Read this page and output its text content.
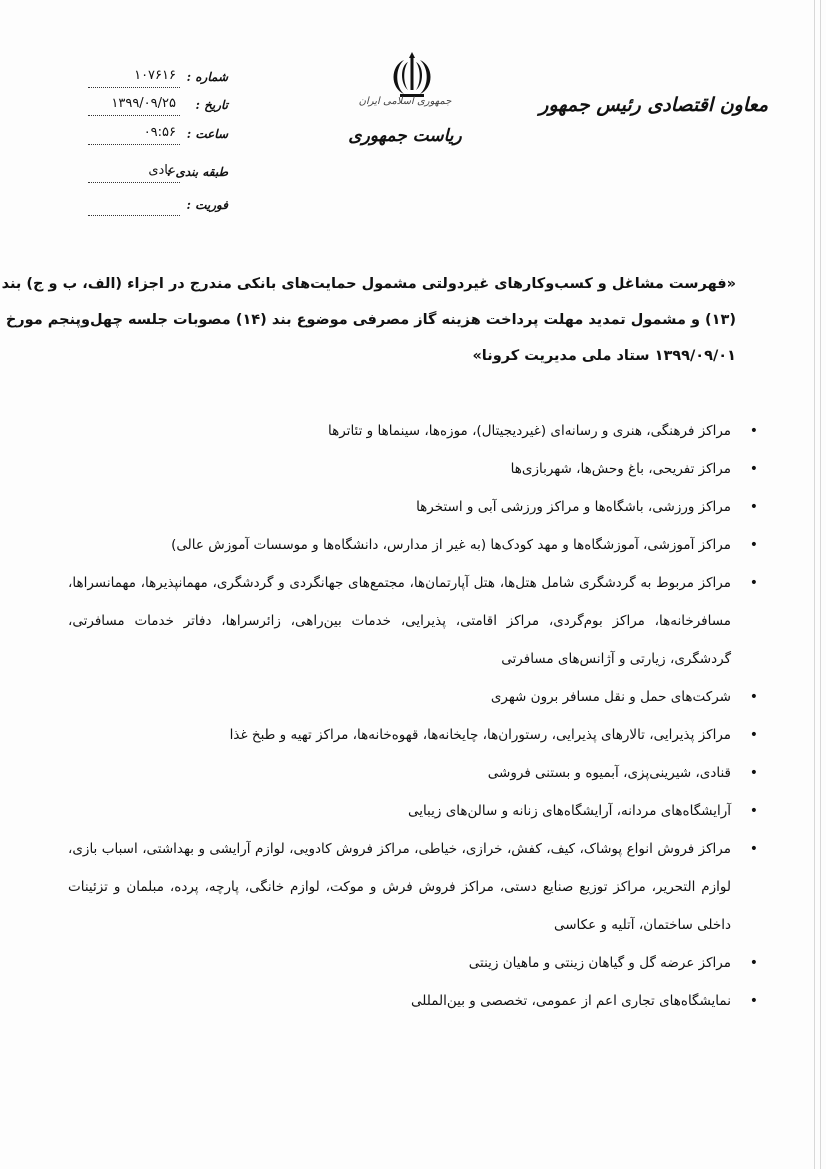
معاون اقتصادی رئیس جمهور
جمهوری اسلامی ایران
ریاست جمهوری
شماره :
۱۰۷۶۱۶
تاریخ :
۱۳۹۹/۰۹/۲۵
ساعت :
۰۹:۵۶
طبقه بندی :
عادی
فوریت :
«فهرست مشاغل و کسب‌وکارهای غیردولتی مشمول حمایت‌های بانکی مندرج در اجزاء (الف، ب و ج) بند
(۱۳) و مشمول تمدید مهلت پرداخت هزینه گاز مصرفی موضوع بند (۱۴) مصوبات جلسه چهل‌وپنجم مورخ
۱۳۹۹/۰۹/۰۱ ستاد ملی مدیریت کرونا»
• مراکز فرهنگی، هنری و رسانه‌ای (غیردیجیتال)، موزه‌ها، سینماها و تئاترها
• مراکز تفریحی، باغ وحش‌ها، شهربازی‌ها
• مراکز ورزشی، باشگاه‌ها و مراکز ورزشی آبی و استخرها
• مراکز آموزشی، آموزشگاه‌ها و مهد کودک‌ها (به غیر از مدارس، دانشگاه‌ها و موسسات آموزش عالی)
• مراکز مربوط به گردشگری شامل هتل‌ها، هتل آپارتمان‌ها، مجتمع‌های جهانگردی و گردشگری، مهمانپذیرها، مهمانسراها، مسافرخانه‌ها، مراکز بوم‌گردی، مراکز اقامتی، پذیرایی، خدمات بین‌راهی، زائرسراها، دفاتر خدمات مسافرتی، گردشگری، زیارتی و آژانس‌های مسافرتی
• شرکت‌های حمل و نقل مسافر برون شهری
• مراکز پذیرایی، تالارهای پذیرایی، رستوران‌ها، چایخانه‌ها، قهوه‌خانه‌ها، مراکز تهیه و طبخ غذا
• قنادی، شیرینی‌پزی، آبمیوه و بستنی فروشی
• آرایشگاه‌های مردانه، آرایشگاه‌های زنانه و سالن‌های زیبایی
• مراکز فروش انواع پوشاک، کیف، کفش، خرازی، خیاطی، مراکز فروش کادویی، لوازم آرایشی و بهداشتی، اسباب بازی، لوازم التحریر، مراکز توزیع صنایع دستی، مراکز فروش فرش و موکت، لوازم خانگی، پارچه، پرده، مبلمان و تزئینات داخلی ساختمان، آتلیه و عکاسی
• مراکز عرضه گل و گیاهان زینتی و ماهیان زینتی
• نمایشگاه‌های تجاری اعم از عمومی، تخصصی و بین‌المللی
